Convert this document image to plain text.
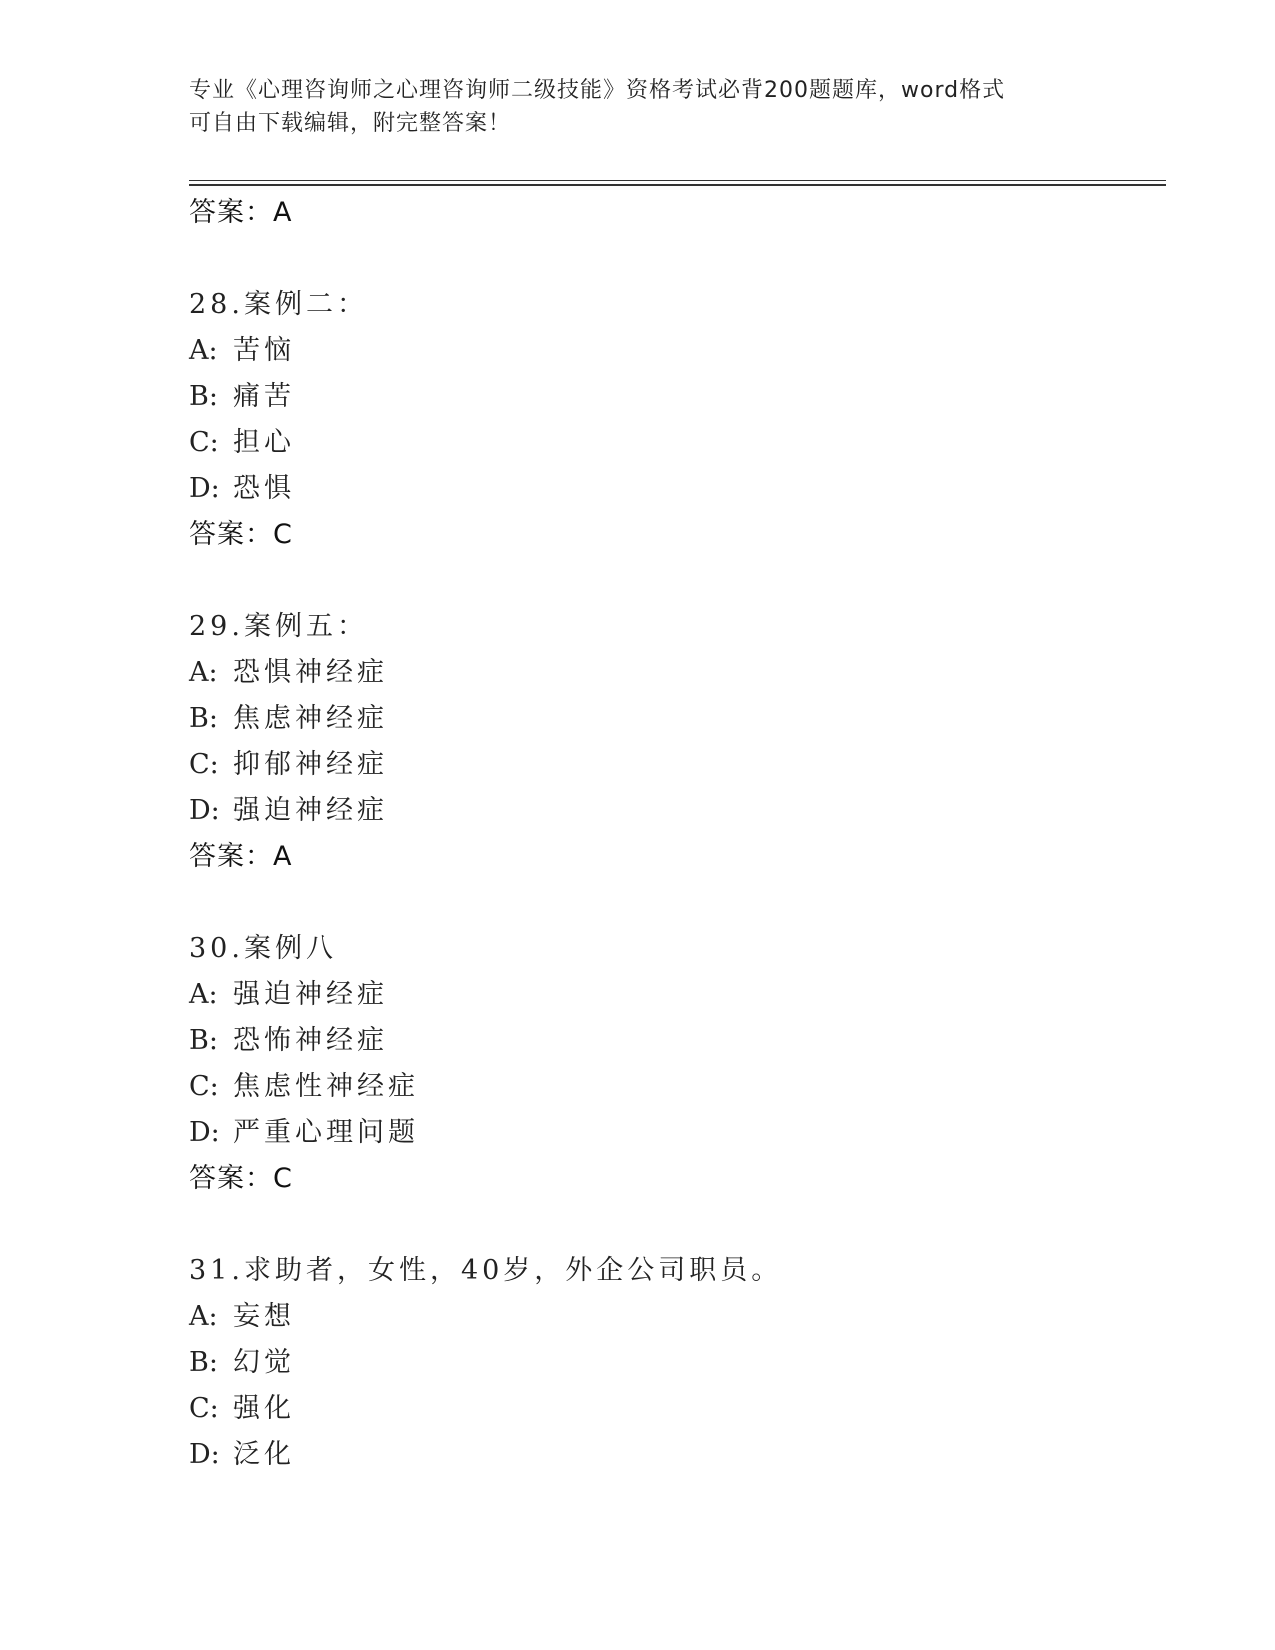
专业《心理咨询师之心理咨询师二级技能》资格考试必背200题题库，word格式
可自由下载编辑，附完整答案！
答案：A
28.案例二：
A: 苦恼
B: 痛苦
C: 担心
D: 恐惧
答案：C
29.案例五：
A: 恐惧神经症
B: 焦虑神经症
C: 抑郁神经症
D: 强迫神经症
答案：A
30.案例八
A: 强迫神经症
B: 恐怖神经症
C: 焦虑性神经症
D: 严重心理问题
答案：C
31.求助者，女性，40岁，外企公司职员。
A: 妄想
B: 幻觉
C: 强化
D: 泛化
